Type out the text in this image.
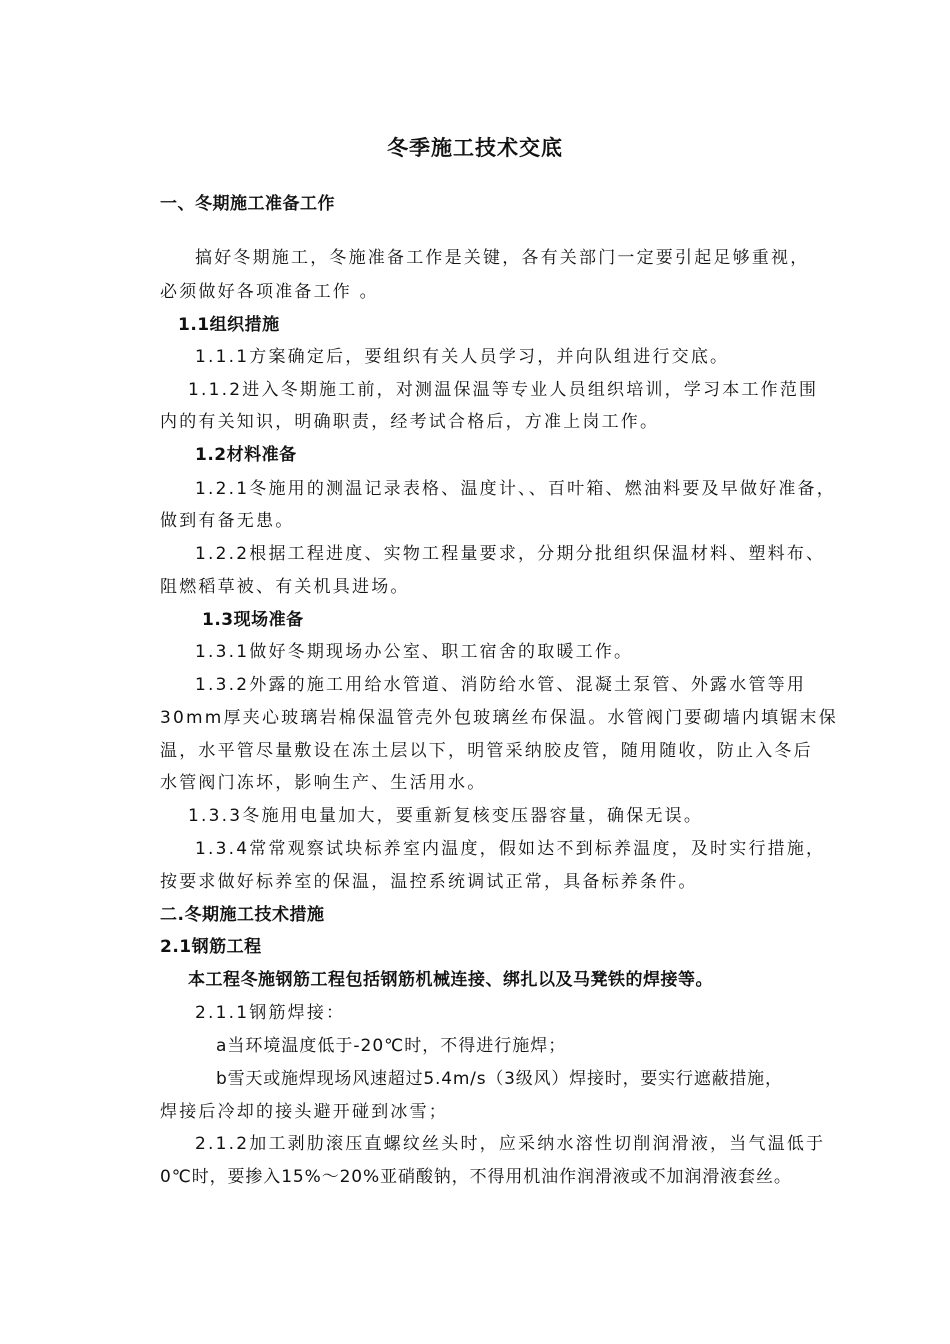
冬季施工技术交底
一、冬期施工准备工作
搞好冬期施工，冬施准备工作是关键，各有关部门一定要引起足够重视，
必须做好各项准备工作 。
1.1组织措施
1.1.1方案确定后，要组织有关人员学习，并向队组进行交底。
1.1.2进入冬期施工前，对测温保温等专业人员组织培训，学习本工作范围
内的有关知识，明确职责，经考试合格后，方准上岗工作。
1.2材料准备
1.2.1冬施用的测温记录表格、温度计、、百叶箱、燃油料要及早做好准备，
做到有备无患。
1.2.2根据工程进度、实物工程量要求，分期分批组织保温材料、塑料布、
阻燃稻草被、有关机具进场。
1.3现场准备
1.3.1做好冬期现场办公室、职工宿舍的取暖工作。
1.3.2外露的施工用给水管道、消防给水管、混凝土泵管、外露水管等用
30mm厚夹心玻璃岩棉保温管壳外包玻璃丝布保温。水管阀门要砌墙内填锯末保
温，水平管尽量敷设在冻土层以下，明管采纳胶皮管，随用随收，防止入冬后
水管阀门冻坏，影响生产、生活用水。
1.3.3冬施用电量加大，要重新复核变压器容量，确保无误。
1.3.4常常观察试块标养室内温度，假如达不到标养温度，及时实行措施，
按要求做好标养室的保温，温控系统调试正常，具备标养条件。
二.冬期施工技术措施
2.1钢筋工程
本工程冬施钢筋工程包括钢筋机械连接、绑扎以及马凳铁的焊接等。
2.1.1钢筋焊接：
a当环境温度低于-20℃时，不得进行施焊；
b雪天或施焊现场风速超过5.4m/s（3级风）焊接时，要实行遮蔽措施，
焊接后冷却的接头避开碰到冰雪；
2.1.2加工剥肋滚压直螺纹丝头时，应采纳水溶性切削润滑液，当气温低于
0℃时，要掺入15%～20%亚硝酸钠，不得用机油作润滑液或不加润滑液套丝。
